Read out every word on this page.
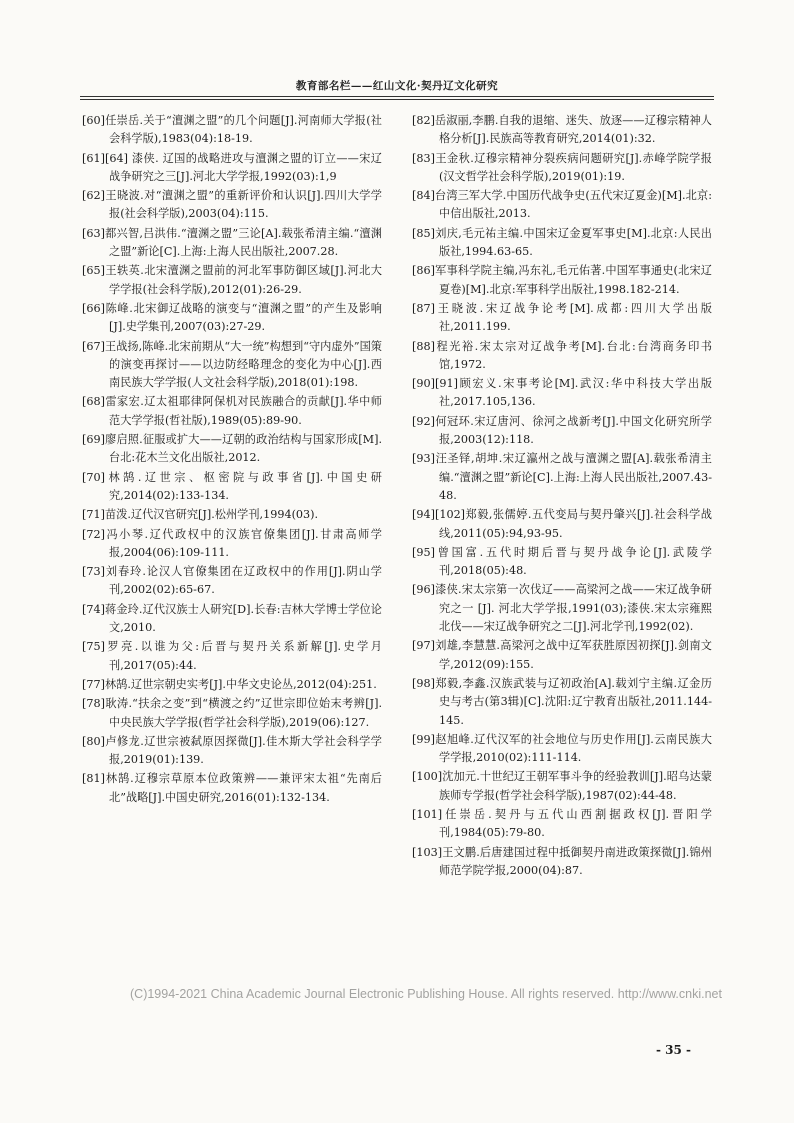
教育部名栏——红山文化·契丹辽文化研究

[60]任崇岳.关于“澶渊之盟”的几个问题[J].河南师大学报(社会科学版),1983(04):18-19.

[61][64] 漆侠. 辽国的战略进攻与澶渊之盟的订立——宋辽战争研究之三[J].河北大学学报,1992(03):1,9

[62]王晓波.对“澶渊之盟”的重新评价和认识[J].四川大学学报(社会科学版),2003(04):115.

[63]都兴智,吕洪伟.“澶渊之盟”三论[A].载张希清主编.“澶渊之盟”新论[C].上海:上海人民出版社,2007.28.

[65]王轶英.北宋澶渊之盟前的河北军事防御区域[J].河北大学学报(社会科学版),2012(01):26-29.

[66]陈峰.北宋御辽战略的演变与“澶渊之盟”的产生及影响[J].史学集刊,2007(03):27-29.

[67]王战扬,陈峰.北宋前期从“大一统”构想到“守内虚外”国策的演变再探讨——以边防经略理念的变化为中心[J].西南民族大学学报(人文社会科学版),2018(01):198.

[68]雷家宏.辽太祖耶律阿保机对民族融合的贡献[J].华中师范大学学报(哲社版),1989(05):89-90.

[69]廖启照.征服或扩大——辽朝的政治结构与国家形成[M].台北:花木兰文化出版社,2012.

[70]林鹄.辽世宗、枢密院与政事省[J].中国史研究,2014(02):133-134.

[71]苗泼.辽代汉官研究[J].松州学刊,1994(03).

[72]冯小琴.辽代政权中的汉族官僚集团[J].甘肃高师学报,2004(06):109-111.

[73]刘春玲.论汉人官僚集团在辽政权中的作用[J].阴山学刊,2002(02):65-67.

[74]蒋金玲.辽代汉族士人研究[D].长春:吉林大学博士学位论文,2010.

[75]罗亮.以谁为父:后晋与契丹关系新解[J].史学月刊,2017(05):44.

[77]林鹄.辽世宗朝史实考[J].中华文史论丛,2012(04):251.

[78]耿涛.“扶余之变”到“横渡之约”辽世宗即位始末考辨[J].中央民族大学学报(哲学社会科学版),2019(06):127.

[80]卢修龙.辽世宗被弑原因探微[J].佳木斯大学社会科学学报,2019(01):139.

[81]林鹄.辽穆宗草原本位政策辨——兼评宋太祖“先南后北”战略[J].中国史研究,2016(01):132-134.

[82]岳淑丽,李鹏.自我的退缩、迷失、放逐——辽穆宗精神人格分析[J].民族高等教育研究,2014(01):32.

[83]王金秋.辽穆宗精神分裂疾病问题研究[J].赤峰学院学报(汉文哲学社会科学版),2019(01):19.

[84]台湾三军大学.中国历代战争史(五代宋辽夏金)[M].北京:中信出版社,2013.

[85]刘庆,毛元祐主编.中国宋辽金夏军事史[M].北京:人民出版社,1994.63-65.

[86]军事科学院主编,冯东礼,毛元佑著.中国军事通史(北宋辽夏卷)[M].北京:军事科学出版社,1998.182-214.

[87]王晓波.宋辽战争论考[M].成都:四川大学出版社,2011.199.

[88]程光裕.宋太宗对辽战争考[M].台北:台湾商务印书馆,1972.

[90][91]顾宏义.宋事考论[M].武汉:华中科技大学出版社,2017.105,136.

[92]何冠环.宋辽唐河、徐河之战新考[J].中国文化研究所学报,2003(12):118.

[93]汪圣铎,胡坤.宋辽瀛州之战与澶渊之盟[A].载张希清主编.“澶渊之盟”新论[C].上海:上海人民出版社,2007.43-48.

[94][102]郑毅,张儒婷.五代变局与契丹肇兴[J].社会科学战线,2011(05):94,93-95.

[95]曾国富.五代时期后晋与契丹战争论[J].武陵学刊,2018(05):48.

[96]漆侠.宋太宗第一次伐辽——高梁河之战——宋辽战争研究之一 [J]. 河北大学学报,1991(03);漆侠.宋太宗雍熙北伐——宋辽战争研究之二[J].河北学刊,1992(02).

[97]刘雄,李慧慧.高梁河之战中辽军获胜原因初探[J].剑南文学,2012(09):155.

[98]郑毅,李鑫.汉族武装与辽初政治[A].载刘宁主编.辽金历史与考古(第3辑)[C].沈阳:辽宁教育出版社,2011.144-145.

[99]赵旭峰.辽代汉军的社会地位与历史作用[J].云南民族大学学报,2010(02):111-114.

[100]沈加元.十世纪辽王朝军事斗争的经验教训[J].昭乌达蒙族师专学报(哲学社会科学版),1987(02):44-48.

[101]任崇岳.契丹与五代山西割据政权[J].晋阳学刊,1984(05):79-80.

[103]王文鹏.后唐建国过程中抵御契丹南进政策探微[J].锦州师范学院学报,2000(04):87.

(C)1994-2021 China Academic Journal Electronic Publishing House. All rights reserved. http://www.cnki.net
- 35 -
